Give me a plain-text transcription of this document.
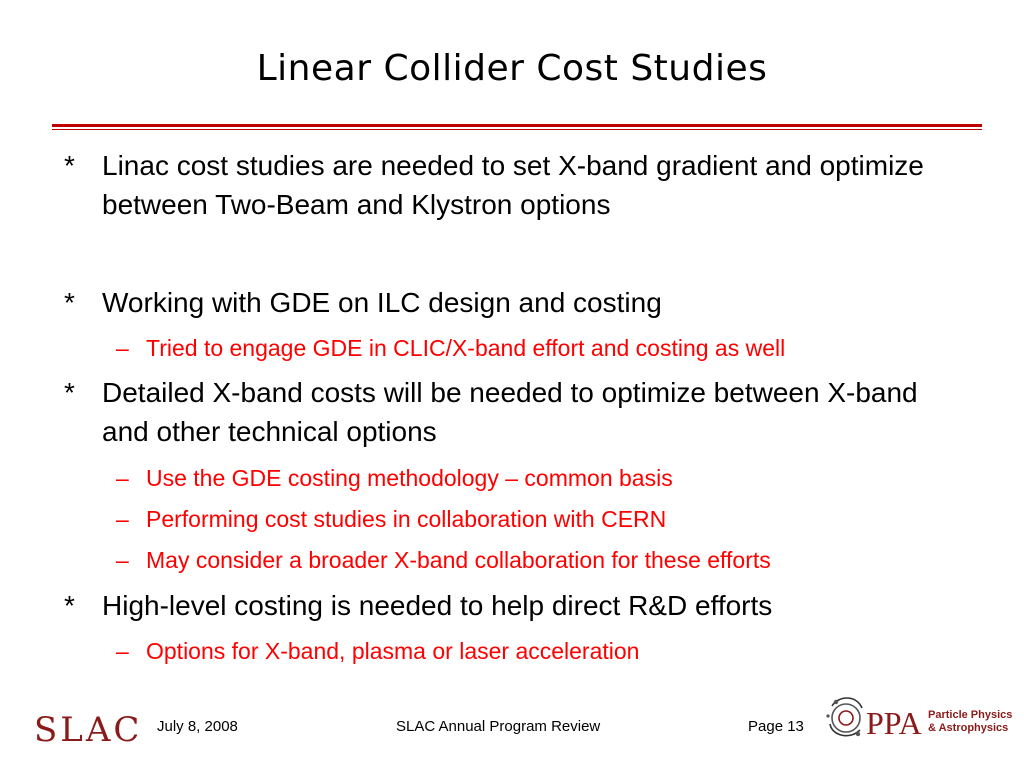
Linear Collider Cost Studies
* Linac cost studies are needed to set X-band gradient and optimize between Two-Beam and Klystron options
* Working with GDE on ILC design and costing
– Tried to engage GDE in CLIC/X-band effort and costing as well
* Detailed X-band costs will be needed to optimize between X-band and other technical options
– Use the GDE costing methodology – common basis
– Performing cost studies in collaboration with CERN
– May consider a broader X-band collaboration for these efforts
* High-level costing is needed to help direct R&D efforts
– Options for X-band, plasma or laser acceleration
SLAC July 8, 2008	SLAC Annual Program Review	Page 13 PPA Particle Physics
& Astrophysics
